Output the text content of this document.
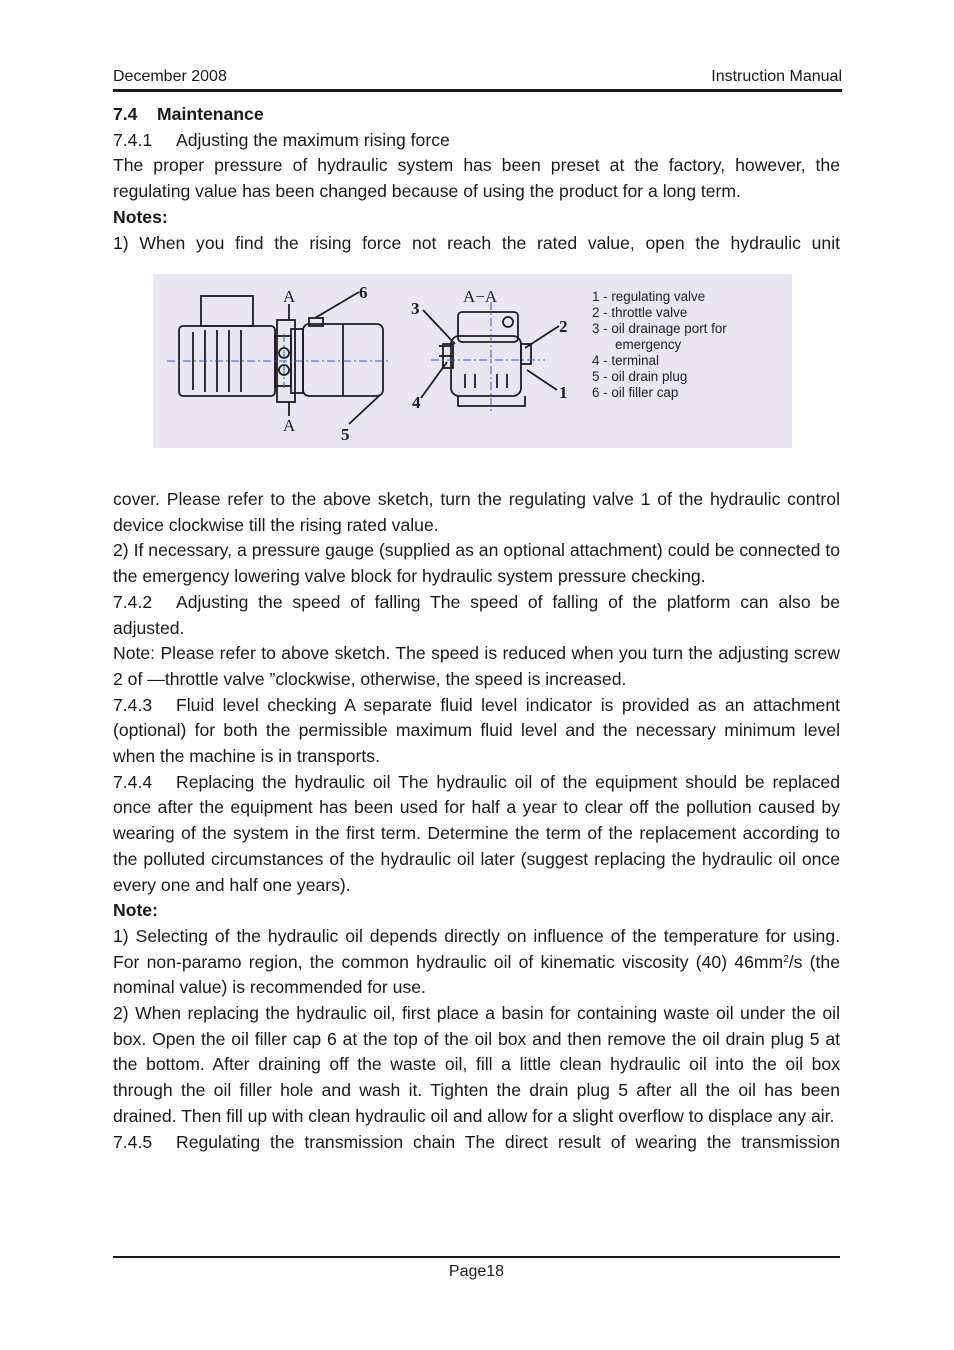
December 2008	Instruction Manual

7.4 Maintenance

7.4.1 Adjusting the maximum rising force

The proper pressure of hydraulic system has been preset at the factory, however, the regulating value has been changed because of using the product for a long term.

Notes:

1) When you find the rising force not reach the rated value, open the hydraulic unit

A
A
A−A
6
3
2
1
4
5
1 - regulating valve
2 - throttle valve
3 - oil drainage port for
emergency
4 - terminal
5 - oil drain plug
6 - oil filler cap

cover. Please refer to the above sketch, turn the regulating valve 1 of the hydraulic control device clockwise till the rising rated value.

2) If necessary, a pressure gauge (supplied as an optional attachment) could be connected to the emergency lowering valve block for hydraulic system pressure checking.

7.4.2 Adjusting the speed of falling The speed of falling of the platform can also be adjusted.

Note: Please refer to above sketch. The speed is reduced when you turn the adjusting screw 2 of —throttle valve ”clockwise, otherwise, the speed is increased.

7.4.3 Fluid level checking A separate fluid level indicator is provided as an attachment (optional) for both the permissible maximum fluid level and the necessary minimum level when the machine is in transports.

7.4.4 Replacing the hydraulic oil The hydraulic oil of the equipment should be replaced once after the equipment has been used for half a year to clear off the pollution caused by wearing of the system in the first term. Determine the term of the replacement according to the polluted circumstances of the hydraulic oil later (suggest replacing the hydraulic oil once every one and half one years).

Note:

1) Selecting of the hydraulic oil depends directly on influence of the temperature for using. For non-paramo region, the common hydraulic oil of kinematic viscosity (40) $46mm^2/s$ (the nominal value) is recommended for use.

2) When replacing the hydraulic oil, first place a basin for containing waste oil under the oil box. Open the oil filler cap 6 at the top of the oil box and then remove the oil drain plug 5 at the bottom. After draining off the waste oil, fill a little clean hydraulic oil into the oil box through the oil filler hole and wash it. Tighten the drain plug 5 after all the oil has been drained. Then fill up with clean hydraulic oil and allow for a slight overflow to displace any air.

7.4.5 Regulating the transmission chain The direct result of wearing the transmission

Page18
